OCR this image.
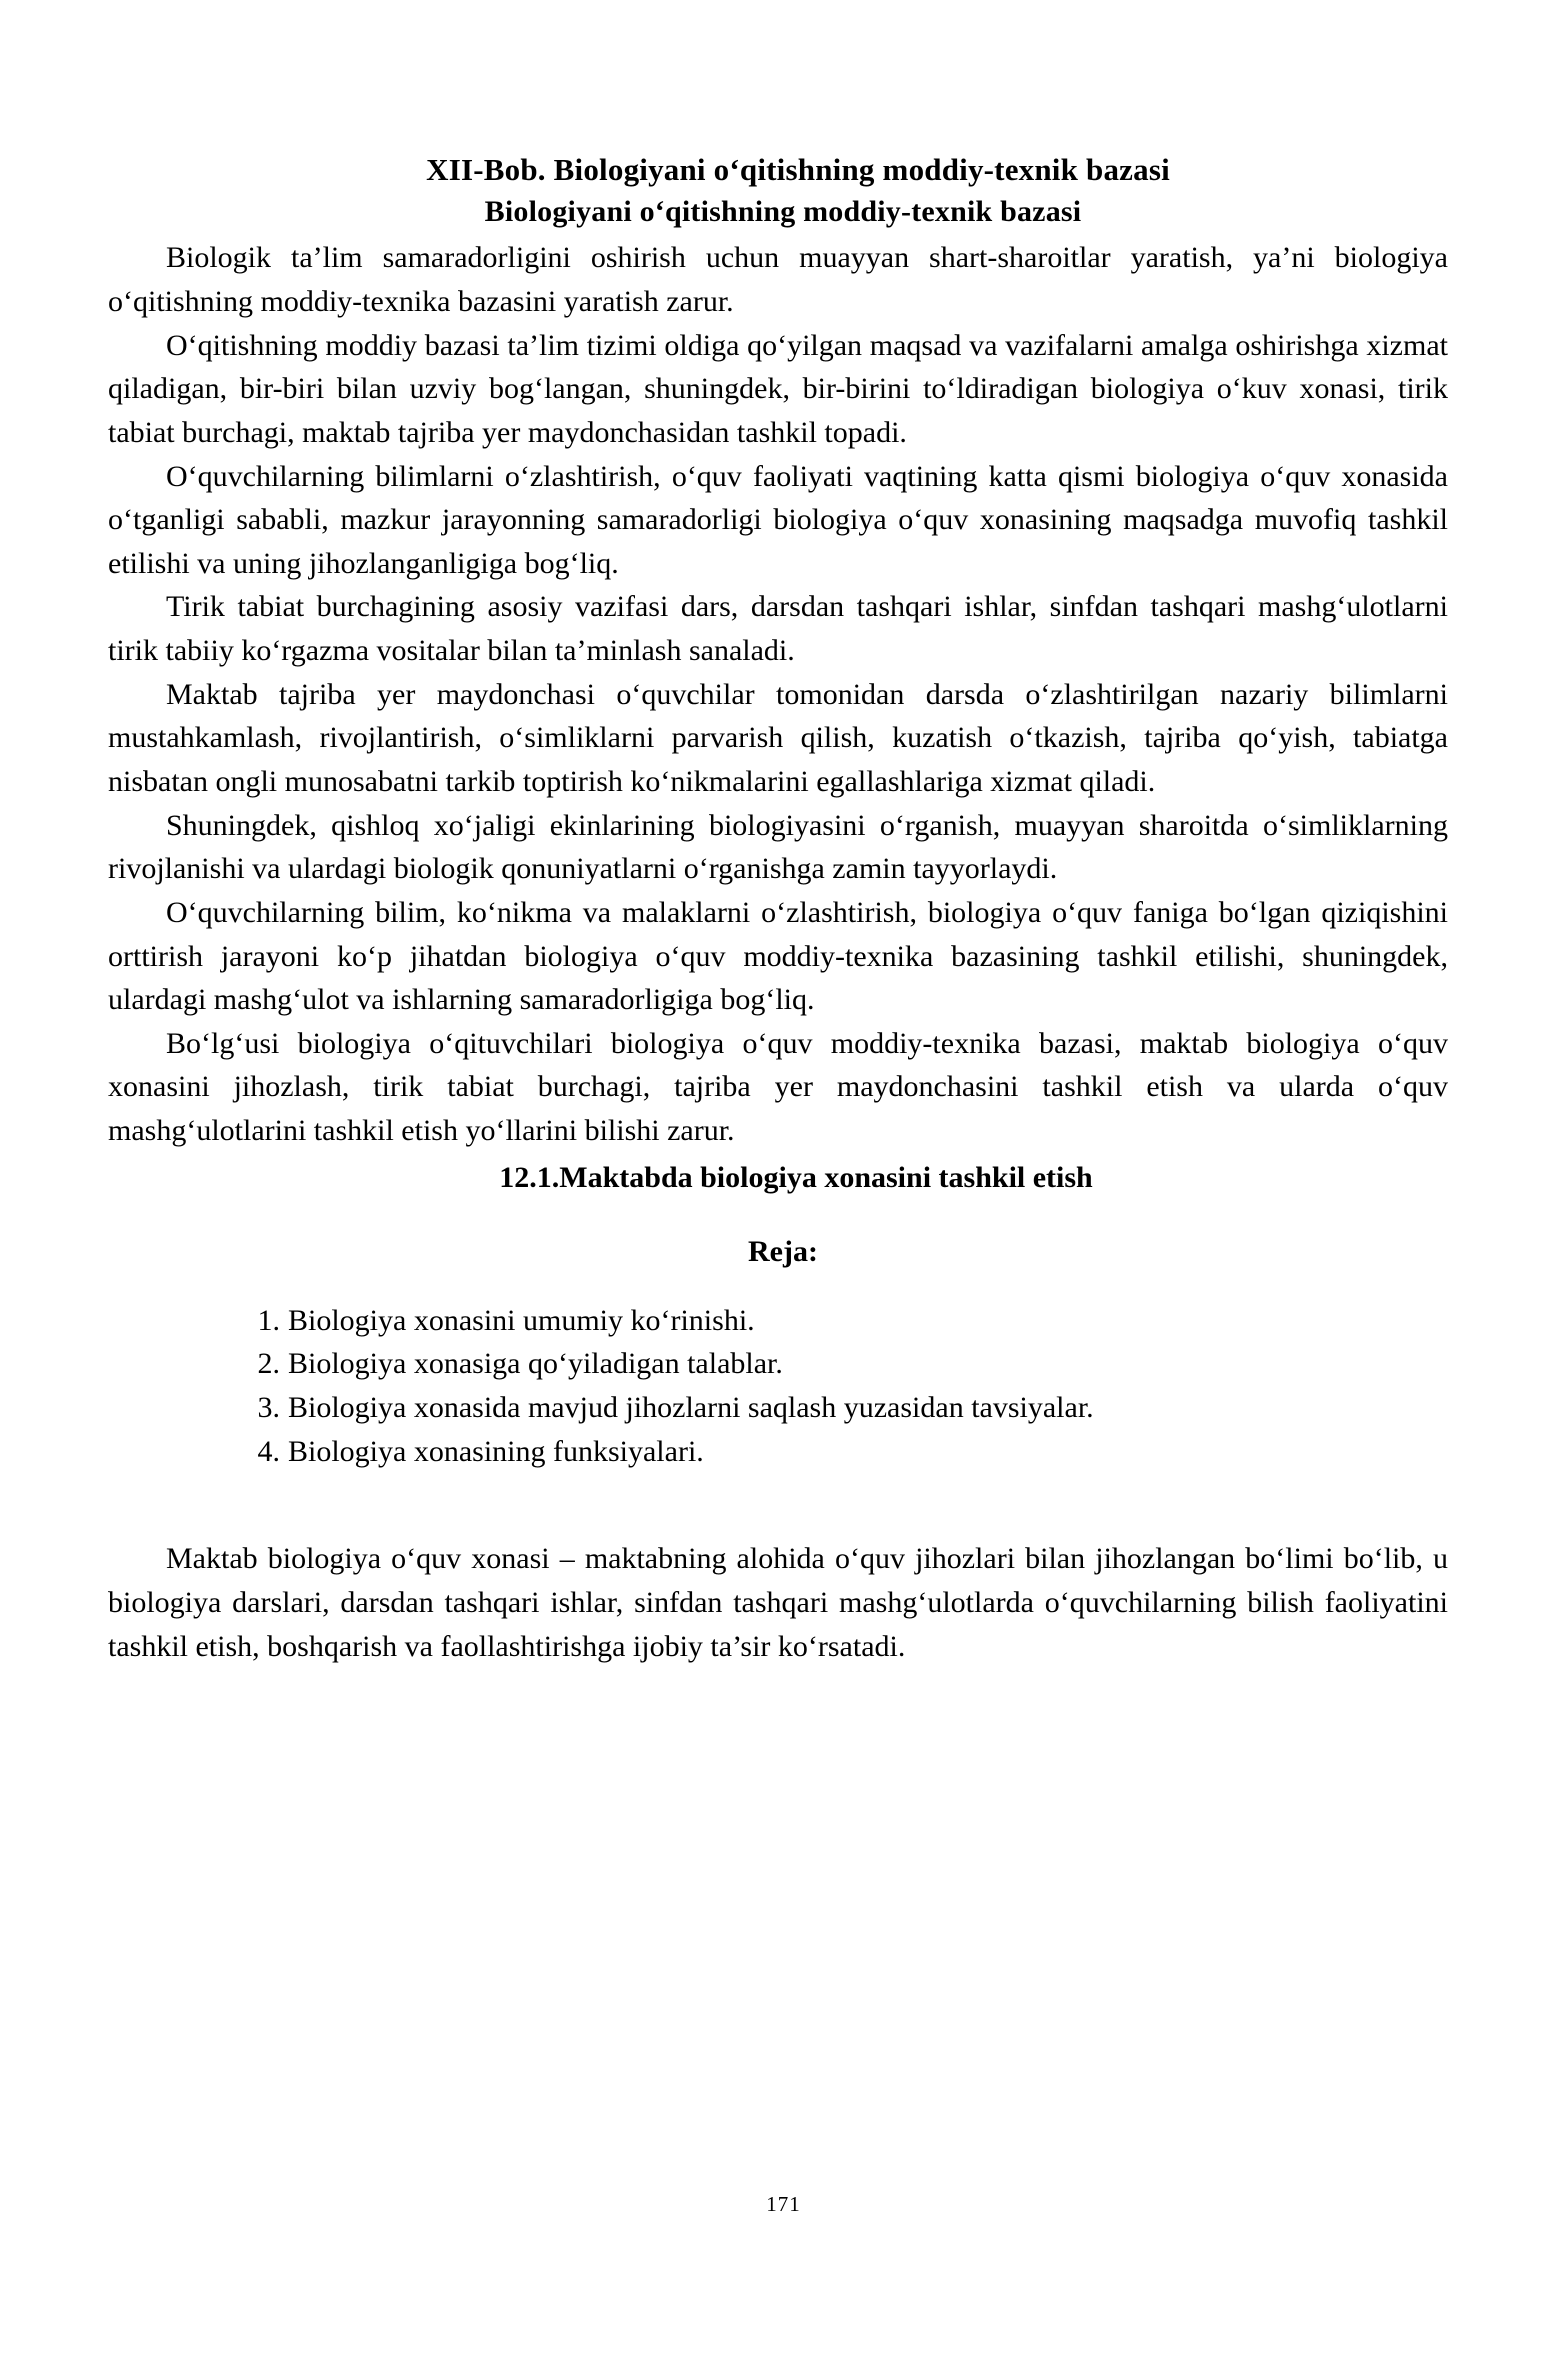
XII-Bob. Biologiyani o‘qitishning moddiy-texnik bazasi
Biologiyani o‘qitishning moddiy-texnik bazasi

Biologik ta’lim samaradorligini oshirish uchun muayyan shart-sharoitlar yaratish, ya’ni biologiya o‘qitishning moddiy-texnika bazasini yaratish zarur.

O‘qitishning moddiy bazasi ta’lim tizimi oldiga qo‘yilgan maqsad va vazifalarni amalga oshirishga xizmat qiladigan, bir-biri bilan uzviy bog‘langan, shuningdek, bir-birini to‘ldiradigan biologiya o‘kuv xonasi, tirik tabiat burchagi, maktab tajriba yer maydonchasidan tashkil topadi.

O‘quvchilarning bilimlarni o‘zlashtirish, o‘quv faoliyati vaqtining katta qismi biologiya o‘quv xonasida o‘tganligi sababli, mazkur jarayonning samaradorligi biologiya o‘quv xonasining maqsadga muvofiq tashkil etilishi va uning jihozlanganligiga bog‘liq.

Tirik tabiat burchagining asosiy vazifasi dars, darsdan tashqari ishlar, sinfdan tashqari mashg‘ulotlarni tirik tabiiy ko‘rgazma vositalar bilan ta’minlash sanaladi.

Maktab tajriba yer maydonchasi o‘quvchilar tomonidan darsda o‘zlashtirilgan nazariy bilimlarni mustahkamlash, rivojlantirish, o‘simliklarni parvarish qilish, kuzatish o‘tkazish, tajriba qo‘yish, tabiatga nisbatan ongli munosabatni tarkib toptirish ko‘nikmalarini egallashlariga xizmat qiladi.

Shuningdek, qishloq xo‘jaligi ekinlarining biologiyasini o‘rganish, muayyan sharoitda o‘simliklarning rivojlanishi va ulardagi biologik qonuniyatlarni o‘rganishga zamin tayyorlaydi.

O‘quvchilarning bilim, ko‘nikma va malaklarni o‘zlashtirish, biologiya o‘quv faniga bo‘lgan qiziqishini orttirish jarayoni ko‘p jihatdan biologiya o‘quv moddiy-texnika bazasining tashkil etilishi, shuningdek, ulardagi mashg‘ulot va ishlarning samaradorligiga bog‘liq.

Bo‘lg‘usi biologiya o‘qituvchilari biologiya o‘quv moddiy-texnika bazasi, maktab biologiya o‘quv xonasini jihozlash, tirik tabiat burchagi, tajriba yer maydonchasini tashkil etish va ularda o‘quv mashg‘ulotlarini tashkil etish yo‘llarini bilishi zarur.

12.1.Maktabda biologiya xonasini tashkil etish
Reja:
1. Biologiya xonasini umumiy ko‘rinishi.
2. Biologiya xonasiga qo‘yiladigan talablar.
3. Biologiya xonasida mavjud jihozlarni saqlash yuzasidan tavsiyalar.
4. Biologiya xonasining funksiyalari.

Maktab biologiya o‘quv xonasi – maktabning alohida o‘quv jihozlari bilan jihozlangan bo‘limi bo‘lib, u biologiya darslari, darsdan tashqari ishlar, sinfdan tashqari mashg‘ulotlarda o‘quvchilarning bilish faoliyatini tashkil etish, boshqarish va faollashtirishga ijobiy ta’sir ko‘rsatadi.

171
